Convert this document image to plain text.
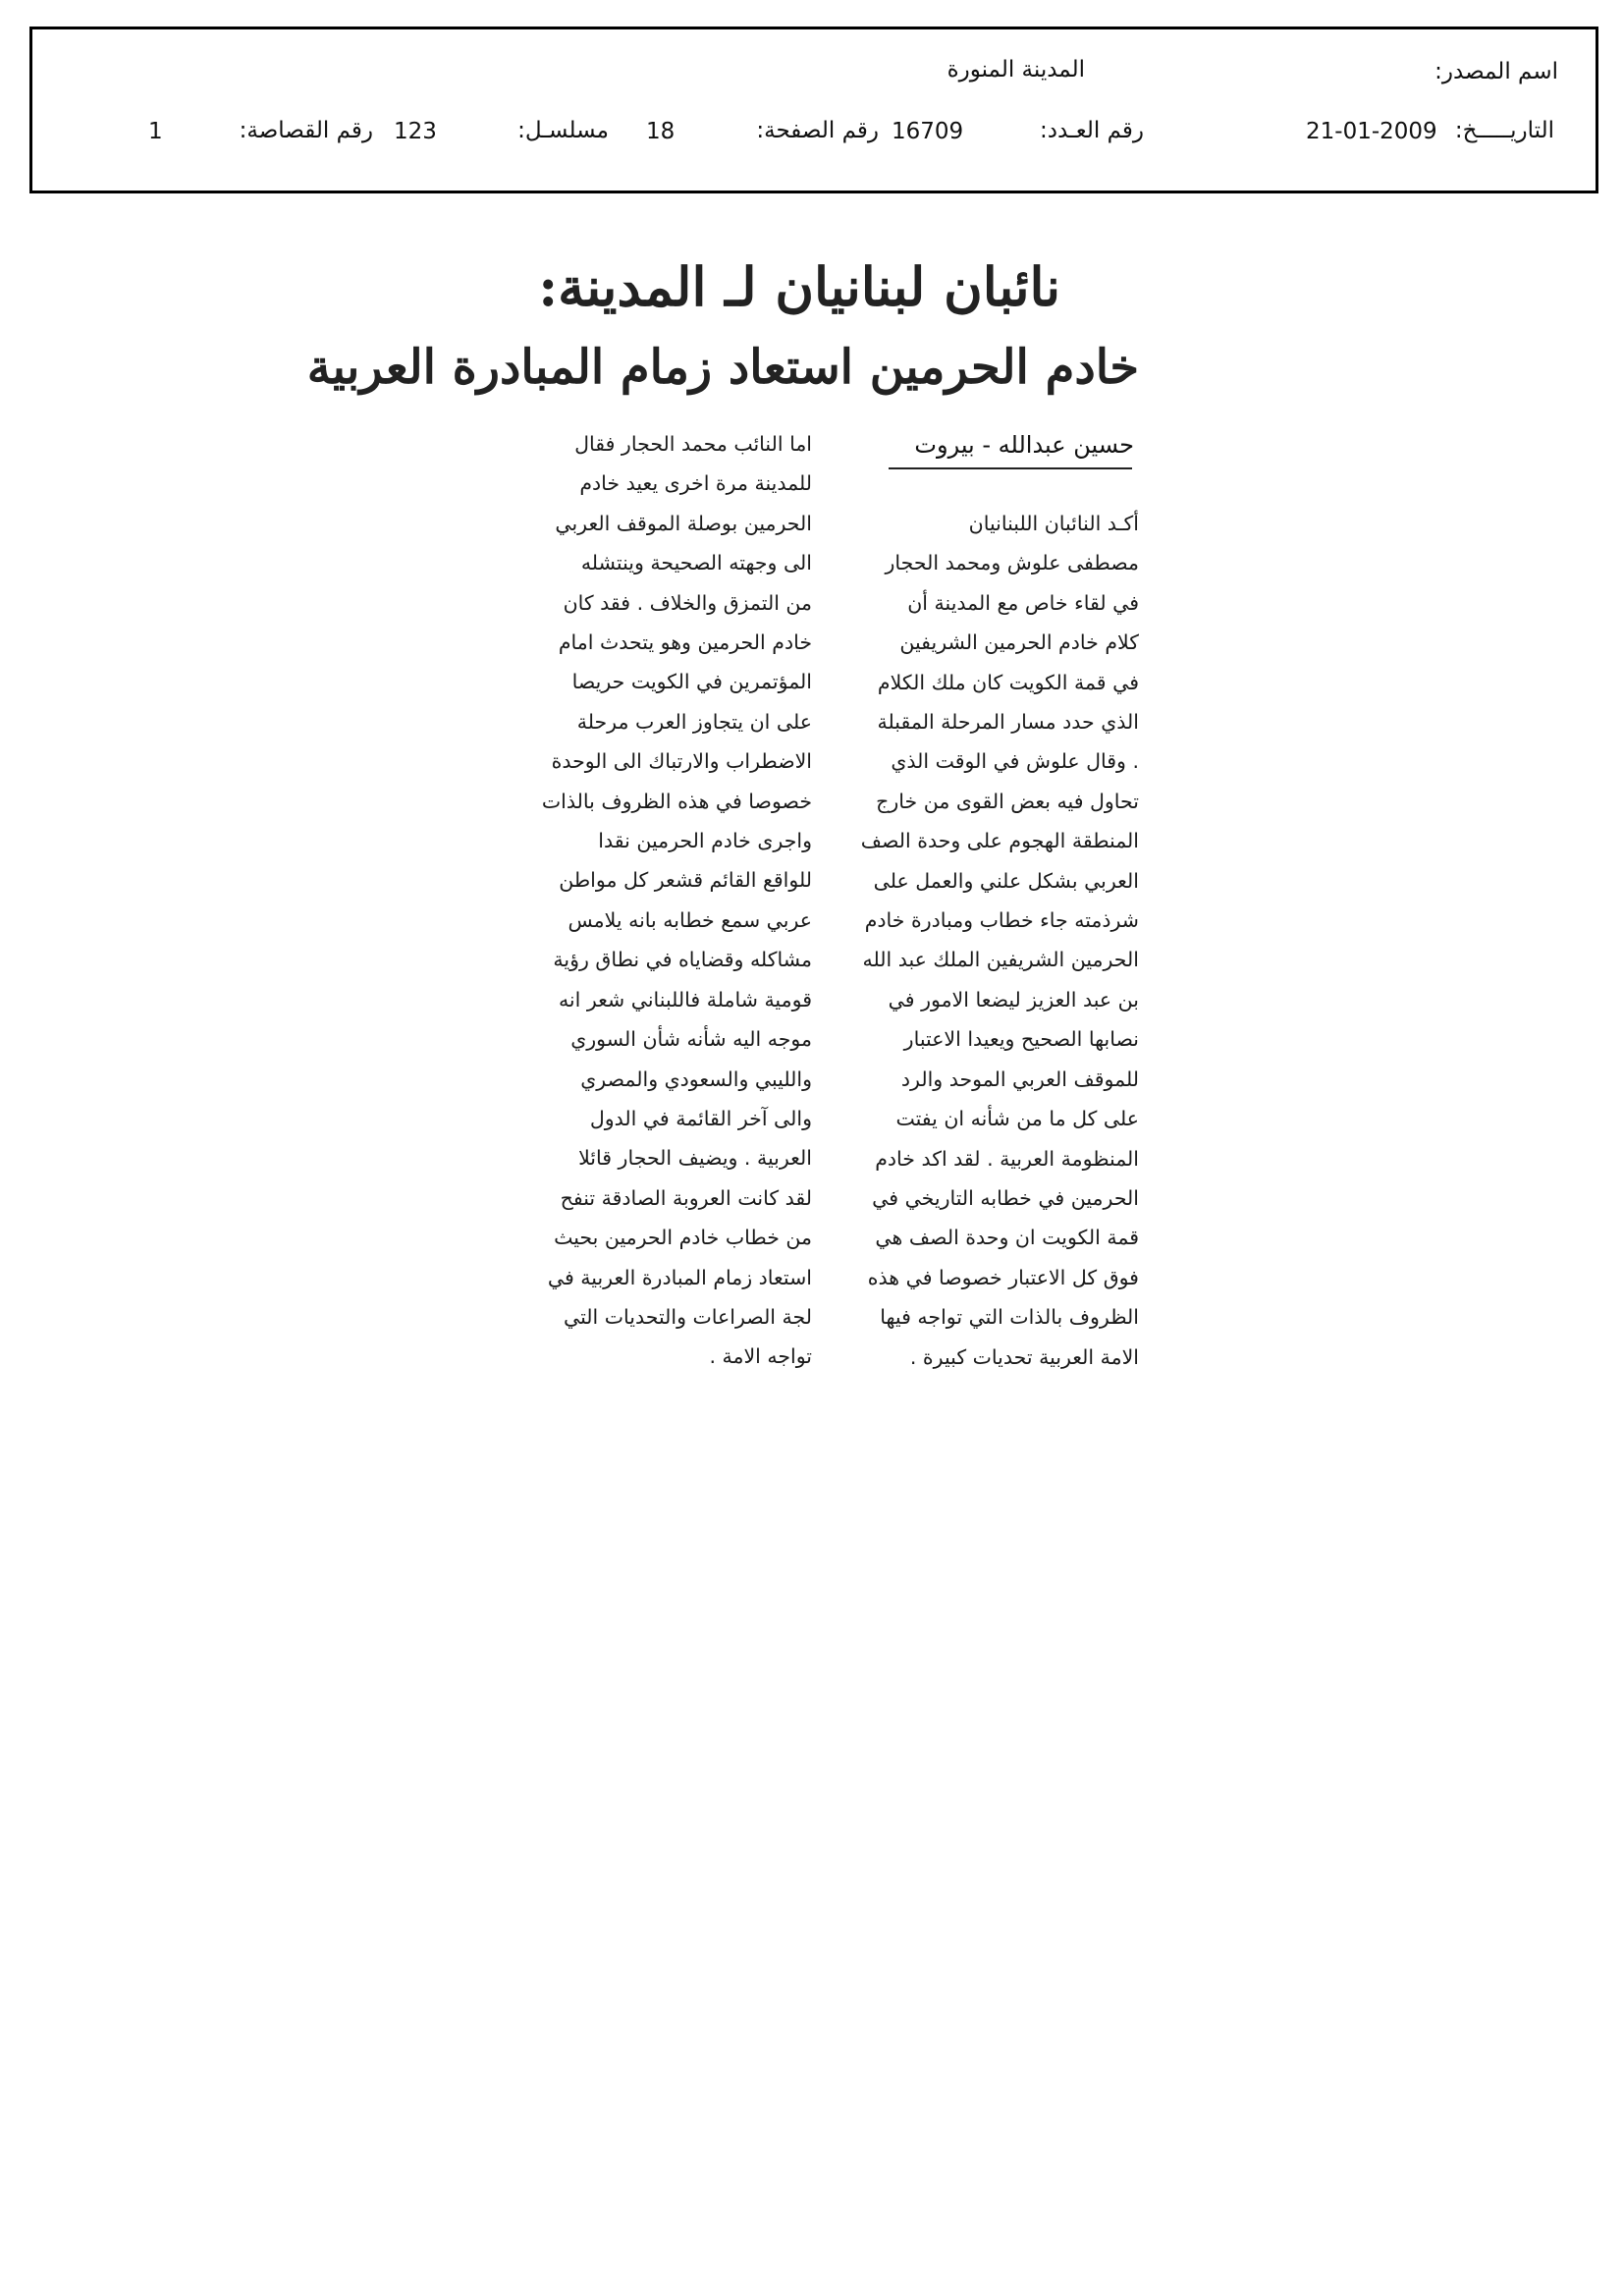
اسم المصدر:
المدينة المنورة
التاريـــــخ:
21-01-2009
رقم العـدد:
16709
رقم الصفحة:
18
مسلسـل:
123
رقم القصاصة:
1
نائبان لبنانيان لـ المدينة:
خادم الحرمين استعاد زمام المبادرة العربية
حسين عبدالله - بيروت
أكـد النائبان اللبنانيان
مصطفى علوش ومحمد الحجار
في لقاء خاص مع المدينة أن
كلام خادم الحرمين الشريفين
في قمة الكويت كان ملك الكلام
الذي حدد مسار المرحلة المقبلة
. وقال علوش في الوقت الذي
تحاول فيه بعض القوى من خارج
المنطقة الهجوم على وحدة الصف
العربي بشكل علني والعمل على
شرذمته جاء خطاب ومبادرة خادم
الحرمين الشريفين الملك عبد الله
بن عبد العزيز ليضعا الامور في
نصابها الصحيح ويعيدا الاعتبار
للموقف العربي الموحد والرد
على كل ما من شأنه ان يفتت
المنظومة العربية . لقد اكد خادم
الحرمين في خطابه التاريخي في
قمة الكويت ان وحدة الصف هي
فوق كل الاعتبار خصوصا في هذه
الظروف بالذات التي تواجه فيها
الامة العربية تحديات كبيرة .
اما النائب محمد الحجار فقال
للمدينة مرة اخرى يعيد خادم
الحرمين بوصلة الموقف العربي
الى وجهته الصحيحة وينتشله
من التمزق والخلاف . فقد كان
خادم الحرمين وهو يتحدث امام
المؤتمرين في الكويت حريصا
على ان يتجاوز العرب مرحلة
الاضطراب والارتباك الى الوحدة
خصوصا في هذه الظروف بالذات
واجرى خادم الحرمين نقدا
للواقع القائم قشعر كل مواطن
عربي سمع خطابه بانه يلامس
مشاكله وقضاياه في نطاق رؤية
قومية شاملة فاللبناني شعر انه
موجه اليه شأنه شأن السوري
والليبي والسعودي والمصري
والى آخر القائمة في الدول
العربية . ويضيف الحجار قائلا
لقد كانت العروبة الصادقة تنفح
من خطاب خادم الحرمين بحيث
استعاد زمام المبادرة العربية في
لجة الصراعات والتحديات التي
تواجه الامة .
